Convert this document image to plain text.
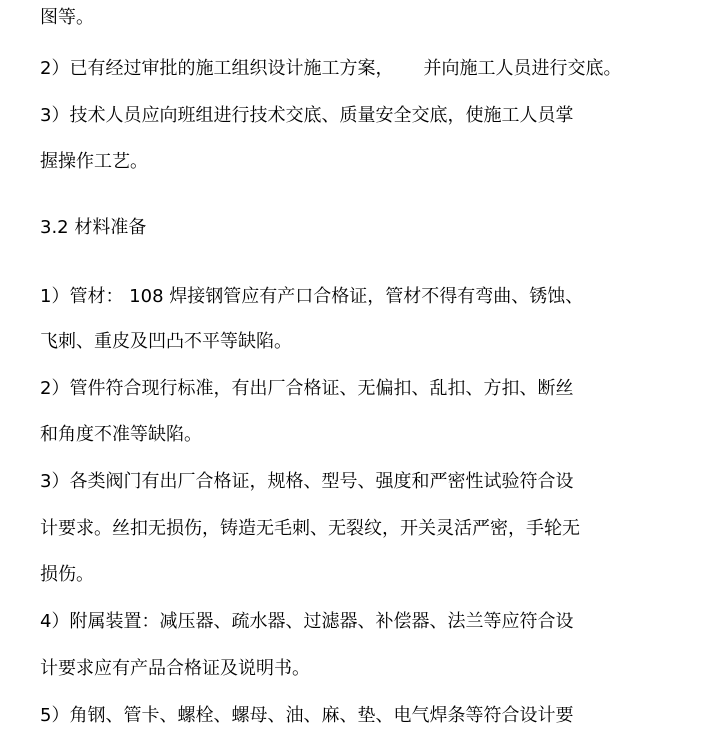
图等。

2）已有经过审批的施工组织设计施工方案， 并向施工人员进行交底。

3）技术人员应向班组进行技术交底、质量安全交底，使施工人员掌

握操作工艺。

3.2 材料准备

1）管材： 108 焊接钢管应有产口合格证，管材不得有弯曲、锈蚀、

飞刺、重皮及凹凸不平等缺陷。

2）管件符合现行标准，有出厂合格证、无偏扣、乱扣、方扣、断丝

和角度不准等缺陷。

3）各类阀门有出厂合格证，规格、型号、强度和严密性试验符合设

计要求。丝扣无损伤，铸造无毛刺、无裂纹，开关灵活严密，手轮无

损伤。

4）附属装置：减压器、疏水器、过滤器、补偿器、法兰等应符合设

计要求应有产品合格证及说明书。

5）角钢、管卡、螺栓、螺母、油、麻、垫、电气焊条等符合设计要
